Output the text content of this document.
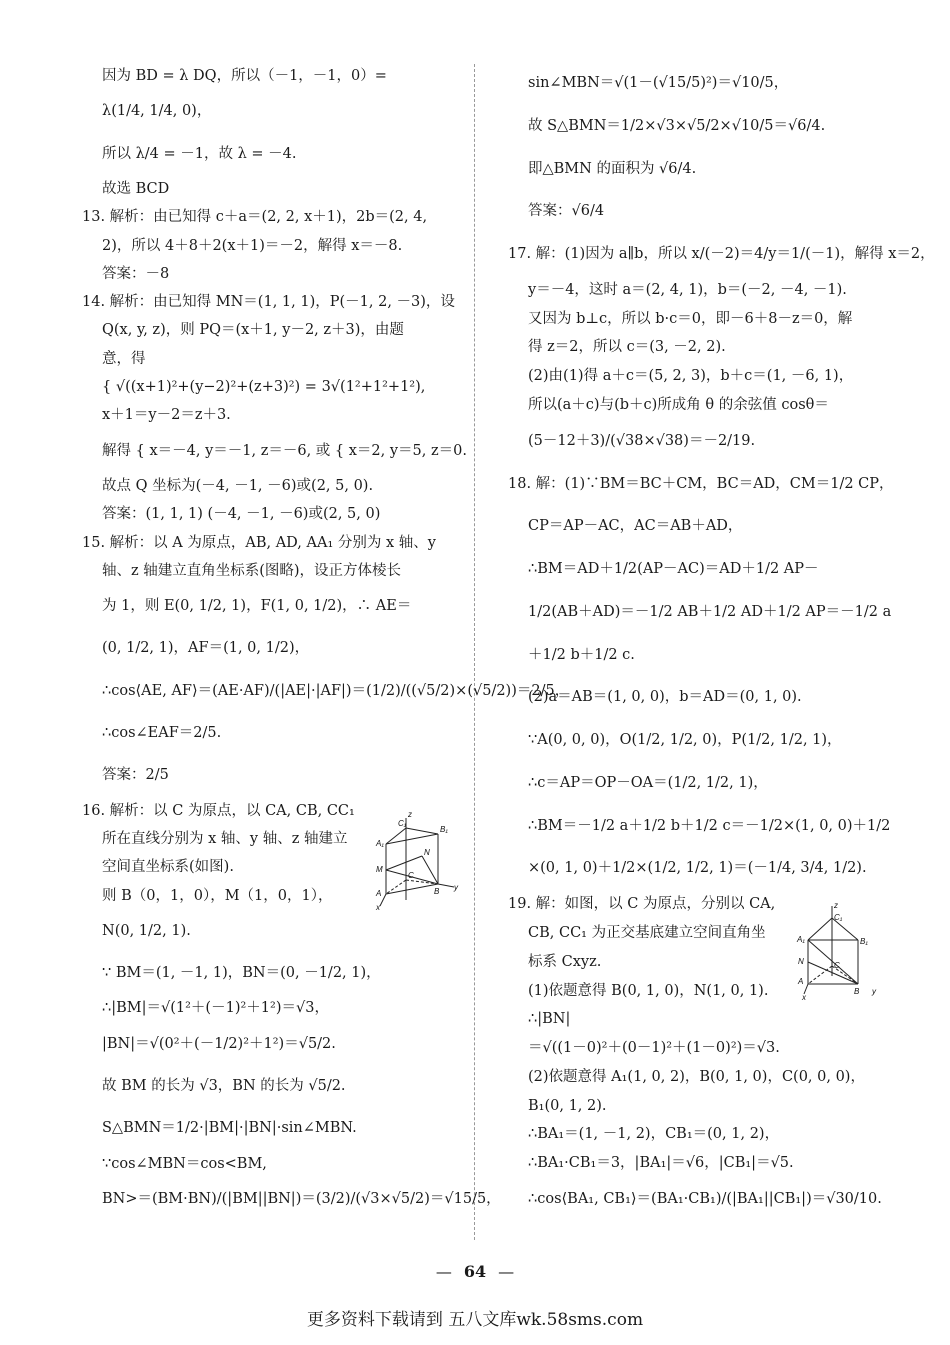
因为 BD = λ DQ，所以（－1，－1，0）=
λ(1/4, 1/4, 0)，
所以 λ/4 = －1，故 λ = －4.
故选 BCD
13. 解析：由已知得 c＋a＝(2, 2, x＋1)，2b＝(2, 4,
2)，所以 4＋8＋2(x＋1)＝－2，解得 x＝－8.
答案：－8
14. 解析：由已知得 MN＝(1, 1, 1)，P(－1, 2, －3)，设
Q(x, y, z)，则 PQ＝(x＋1, y－2, z＋3)，由题
意，得
{ √((x+1)²+(y−2)²+(z+3)²) = 3√(1²+1²+1²),
x＋1＝y－2＝z＋3.
解得 { x＝－4, y＝－1, z＝－6, 或 { x＝2, y＝5, z＝0.
故点 Q 坐标为(－4, －1, －6)或(2, 5, 0).
答案：(1, 1, 1) (－4, －1, －6)或(2, 5, 0)
15. 解析：以 A 为原点，AB, AD, AA₁ 分别为 x 轴、y
轴、z 轴建立直角坐标系(图略)，设正方体棱长
为 1，则 E(0, 1/2, 1)，F(1, 0, 1/2)，∴ AE＝
(0, 1/2, 1)，AF＝(1, 0, 1/2)，
∴cos⟨AE, AF⟩＝(AE·AF)/(|AE|·|AF|)＝(1/2)/((√5/2)×(√5/2))＝2/5，
∴cos∠EAF＝2/5.
答案：2/5
16. 解析：以 C 为原点，以 CA, CB, CC₁
所在直线分别为 x 轴、y 轴、z 轴建立
空间直坐标系(如图).
则 B（0，1，0），M（1，0，1），
N(0, 1/2, 1).
∵ BM＝(1, －1, 1)，BN＝(0, －1/2, 1)，
∴|BM|＝√(1²＋(－1)²＋1²)＝√3，
|BN|＝√(0²＋(－1/2)²＋1²)＝√5/2.
故 BM 的长为 √3，BN 的长为 √5/2.
S△BMN＝1/2·|BM|·|BN|·sin∠MBN.
∵cos∠MBN＝cos<BM,
BN>＝(BM·BN)/(|BM||BN|)＝(3/2)/(√3×√5/2)＝√15/5，
sin∠MBN＝√(1－(√15/5)²)＝√10/5，
故 S△BMN＝1/2×√3×√5/2×√10/5＝√6/4.
即△BMN 的面积为 √6/4.
答案：√6/4
17. 解：(1)因为 a∥b，所以 x/(－2)＝4/y＝1/(－1)，解得 x＝2，
y＝－4，这时 a＝(2, 4, 1)，b＝(－2, －4, －1).
又因为 b⊥c，所以 b·c＝0，即－6＋8－z＝0，解
得 z＝2，所以 c＝(3, －2, 2).
(2)由(1)得 a＋c＝(5, 2, 3)，b＋c＝(1, －6, 1)，
所以(a＋c)与(b＋c)所成角 θ 的余弦值 cosθ＝
(5－12＋3)/(√38×√38)＝－2/19.
18. 解：(1)∵BM＝BC＋CM，BC＝AD，CM＝1/2 CP，
CP＝AP－AC，AC＝AB＋AD，
∴BM＝AD＋1/2(AP－AC)＝AD＋1/2 AP－
1/2(AB＋AD)＝－1/2 AB＋1/2 AD＋1/2 AP＝－1/2 a
＋1/2 b＋1/2 c.
(2)a＝AB＝(1, 0, 0)，b＝AD＝(0, 1, 0).
∵A(0, 0, 0)，O(1/2, 1/2, 0)，P(1/2, 1/2, 1)，
∴c＝AP＝OP－OA＝(1/2, 1/2, 1)，
∴BM＝－1/2 a＋1/2 b＋1/2 c＝－1/2×(1, 0, 0)＋1/2
×(0, 1, 0)＋1/2×(1/2, 1/2, 1)＝(－1/4, 3/4, 1/2).
19. 解：如图，以 C 为原点，分别以 CA,
CB, CC₁ 为正交基底建立空间直角坐
标系 Cxyz.
(1)依题意得 B(0, 1, 0)，N(1, 0, 1).
∴|BN|
＝√((1－0)²＋(0－1)²＋(1－0)²)＝√3.
(2)依题意得 A₁(1, 0, 2)，B(0, 1, 0)，C(0, 0, 0)，
B₁(0, 1, 2).
∴BA₁＝(1, －1, 2)，CB₁＝(0, 1, 2)，
∴BA₁·CB₁＝3，|BA₁|＝√6，|CB₁|＝√5.
∴cos⟨BA₁, CB₁⟩＝(BA₁·CB₁)/(|BA₁||CB₁|)＝√30/10.
z
C₁
B₁
A₁
N
M
C
A	B y
x	z
C₁
A₁	B₁
N	C
A
B
x
y
— 64 —
更多资料下载请到 五八文库wk.58sms.com
